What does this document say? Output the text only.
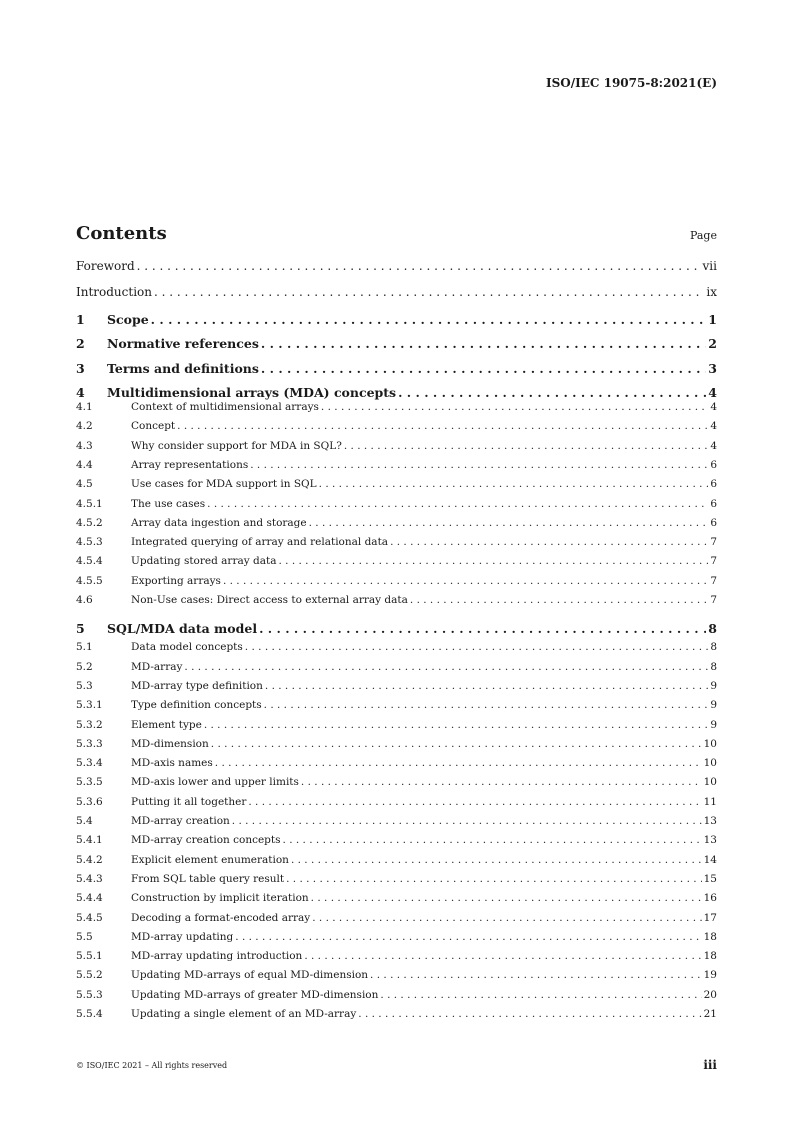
ISO/IEC 19075-8:2021(E)
Contents	Page
Foreword . . .	vii
Introduction . . .	ix
1	Scope . . .	1
2	Normative references . . .	2
3	Terms and definitions . . .	3
4	Multidimensional arrays (MDA) concepts . . .	4
4.1	Context of multidimensional arrays . . .	4
4.2	Concept . . .	4
4.3	Why consider support for MDA in SQL? . . .	4
4.4	Array representations . . .	6
4.5	Use cases for MDA support in SQL . . .	6
4.5.1	The use cases . . .	6
4.5.2	Array data ingestion and storage . . .	6
4.5.3	Integrated querying of array and relational data . . .	7
4.5.4	Updating stored array data . . .	7
4.5.5	Exporting arrays . . .	7
4.6	Non-Use cases: Direct access to external array data . . .	7
5	SQL/MDA data model . . .	8
5.1	Data model concepts . . .	8
5.2	MD-array . . .	8
5.3	MD-array type definition . . .	9
5.3.1	Type definition concepts . . .	9
5.3.2	Element type . . .	9
5.3.3	MD-dimension . . .	10
5.3.4	MD-axis names . . .	10
5.3.5	MD-axis lower and upper limits . . .	10
5.3.6	Putting it all together . . .	11
5.4	MD-array creation . . .	13
5.4.1	MD-array creation concepts . . .	13
5.4.2	Explicit element enumeration . . .	14
5.4.3	From SQL table query result . . .	15
5.4.4	Construction by implicit iteration . . .	16
5.4.5	Decoding a format-encoded array . . .	17
5.5	MD-array updating . . .	18
5.5.1	MD-array updating introduction . . .	18
5.5.2	Updating MD-arrays of equal MD-dimension . . .	19
5.5.3	Updating MD-arrays of greater MD-dimension . . .	20
5.5.4	Updating a single element of an MD-array . . .	21
© ISO/IEC 2021 – All rights reserved	iii
